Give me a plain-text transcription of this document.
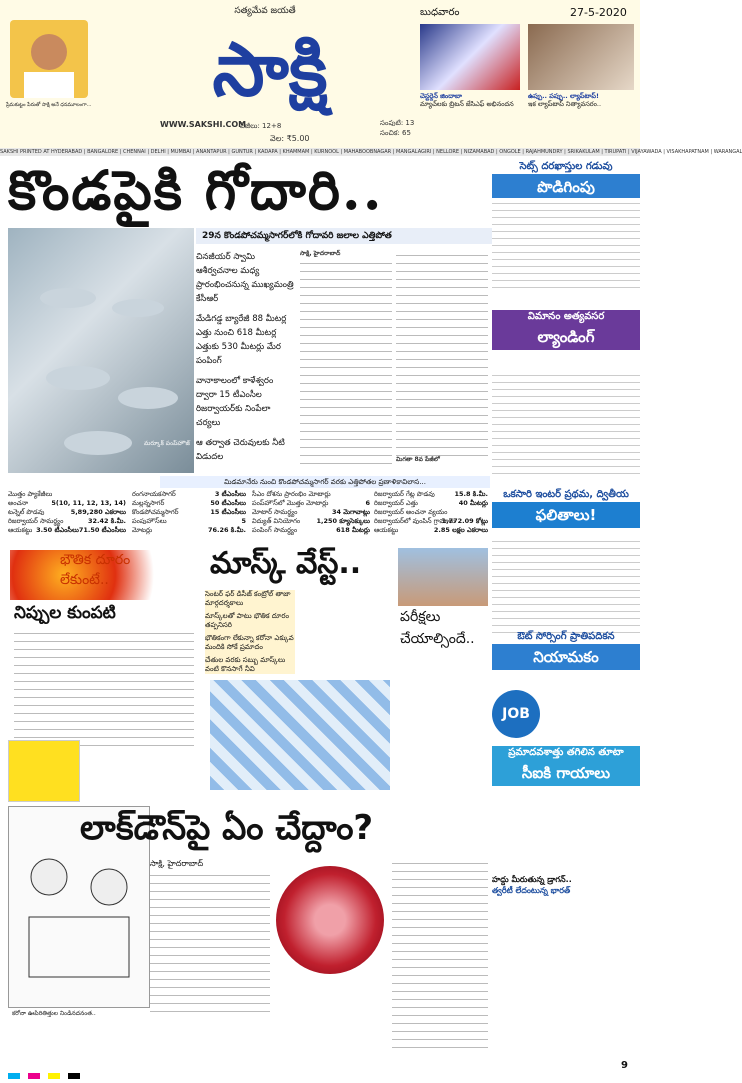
సత్యమేవ జయతే
ప్రేమకుట్టం పేరుతో సాక్షి అనే ధనమూలంగా...	సాక్షి
WWW.SAKSHI.COM
పేజీలు: 12+8
వెల: ₹5.00
సంపుటి: 13
సంచిక: 65
బుధవారం	27-5-2020
చెస్టర్డెన్ జిందాబా
మ్యాచ్‌లకు బ్రిటన్ జేసిఎఫ్ అభినందన
ఉప్పు.. పప్పు.. ల్యాప్‌టాప్!
ఇక ల్యాప్‌టాప్ నిత్యావసరం..
SAKSHI PRINTED AT HYDERABAD | BANGALORE | CHENNAI | DELHI | MUMBAI | ANANTAPUR | GUNTUR | KADAPA | KHAMMAM | KURNOOL | MAHABOOBNAGAR | MANGALAGIRI | NELLORE | NIZAMABAD | ONGOLE | RAJAHMUNDRY | SRIKAKULAM | TIRUPATI | VIJAYAWADA | VISAKHAPATNAM | WARANGAL
కొండపైకి గోదారి..
29న కొండపోచమ్మసాగర్‌లోకి గోదావరి జలాల ఎత్తిపోత
మర్కూక్ పంప్‌హౌజ్
చినజీయర్ స్వామి ఆశీర్వచనాల మధ్య ప్రారంభించనున్న ముఖ్యమంత్రి కేసీఆర్
మేడిగడ్డ బ్యారేజీ 88 మీటర్ల ఎత్తు నుంచి 618 మీటర్ల ఎత్తుకు 530 మీటర్లు మేర పంపింగ్
వానాకాలంలో కాళేశ్వరం ద్వారా 15 టీఎంసీల రిజర్వాయర్‌కు నింపేలా చర్యలు
ఆ తర్వాత చెరువులకు నీటి విడుదల
సాక్షి, హైదరాబాద్
మిగతా 8వ పేజీలో
మిడమానేరు నుంచి కొండపోచమ్మసాగర్ వరకు ఎత్తిపోతల ప్రణాళికావిలాస...
మొత్తం ప్యాకేజీలు
5(10, 11, 12, 13, 14)
అంచనా
5,89,280 ఎకరాలు
టన్నెల్ పొడవు
32.42 కి.మీ.
రిజర్వాయర్ సామర్థ్యం
71.50 టీఎంసీలు
ఆయకట్టు 3.50 టీఎంసీలు
రంగనాయకసాగర్	3 టీఎంసీలు
మల్లన్నసాగర్	50 టీఎంసీలు
కొండపోచమ్మసాగర్	15 టీఎంసీలు
పంపుహౌస్‌లు	5
మోటర్లు	76.26 కి.మీ.
సీఎం దోశను ప్రారంభిం మోటార్లు
పంప్‌హౌస్‌లో మొత్తం మోటార్లు	6
మోటార్ సామర్థ్యం	34 మెగావాట్లు
విద్యుత్ వినియోగం 1,250 క్యూసెక్కులు
పంపింగ్ సామర్థ్యం	618 మీటర్లు
రిజర్వాయర్ గేట్ల పొడవు	15.8 కి.మీ.
రిజర్వాయర్ ఎత్తు	40 మీటర్లు
రిజర్వాయర్ అంచనా వ్యయం
1,772.09 కోట్లు
రిజర్వాయర్‌లో వుంపిన్ గ్రామాలు
ఆయకట్టు	2.85 లక్షల ఎకరాలు
సెట్స్ దరఖాస్తుల గడువు
పొడిగింపు
విమానం అత్యవసర
ల్యాండింగ్
ఒకసారి ఇంటర్ ప్రథమ, ద్వితీయ
ఫలితాలు!
ఔట్ సోర్సింగ్ ప్రాతిపదికన
నియామకం
JOB
ప్రమాదవశాత్తు తగిలిన తూటా
సీఐకి గాయాలు
హద్దు మీరుతున్న డ్రాగన్..
త్వరీటీ లేదంటున్న భారత్
భౌతిక దూరం లేకుంటే..
నిప్పుల కుంపటి
మాస్క్ వేస్ట్..
సెంటర్ ఫర్ డిసీజ్ కంట్రోల్ తాజా మార్గదర్శకాలు
మాస్క్‌లతో పాటు భౌతిక దూరం తప్పనిసరి
భౌతికంగా లేకున్నా కరోనా ఎక్కువ మందికి సోకే ప్రమాదం
చేతుల వరకు సబ్బు మాస్క్‌లు వంటి కొనసాగే నీవి
పరీక్షలు చేయాల్సిందే..
కరోనా ఊపిరితిత్తుల నిండినదనంత..
లాక్‌డౌన్‌పై ఏం చేద్దాం?
సాక్షి, హైదరాబాద్
9
